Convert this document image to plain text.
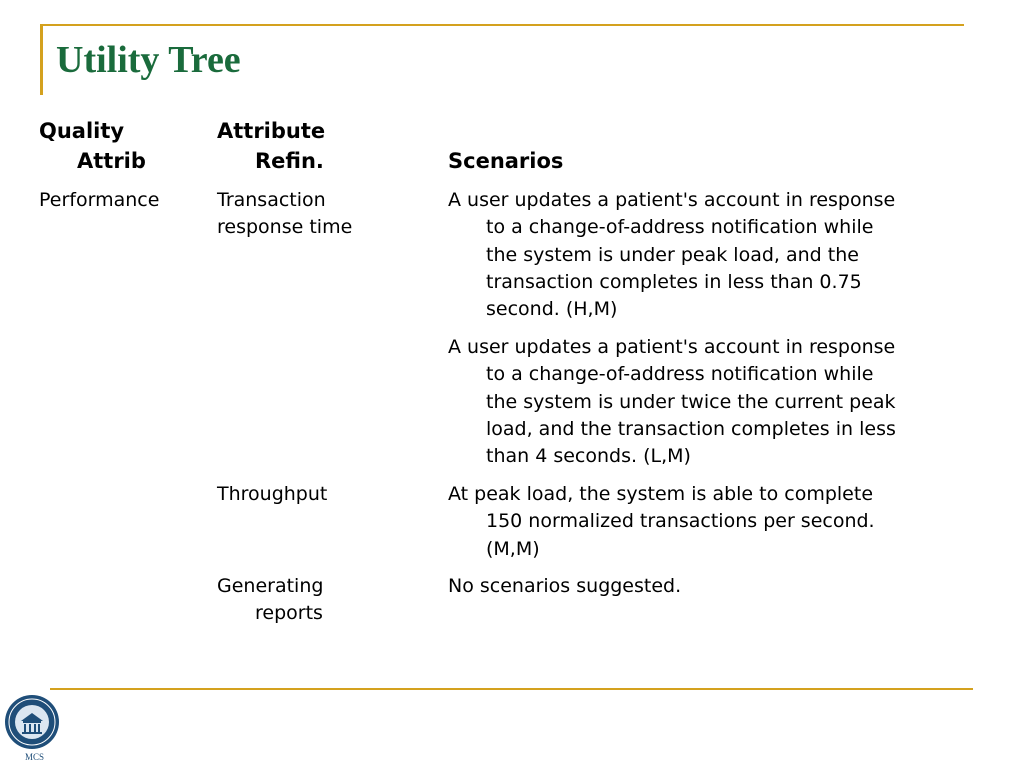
Utility Tree
Quality
Attrib
Attribute
Refin.	Scenarios
Performance	Transaction
response time
Throughput
Generating
reports
A user updates a patient's account in response
to a change-of-address notification while
the system is under peak load, and the
transaction completes in less than 0.75
second. (H,M)
A user updates a patient's account in response
to a change-of-address notification while
the system is under twice the current peak
load, and the transaction completes in less
than 4 seconds. (L,M)
At peak load, the system is able to complete
150 normalized transactions per second.
(M,M)
No scenarios suggested.
MCS
